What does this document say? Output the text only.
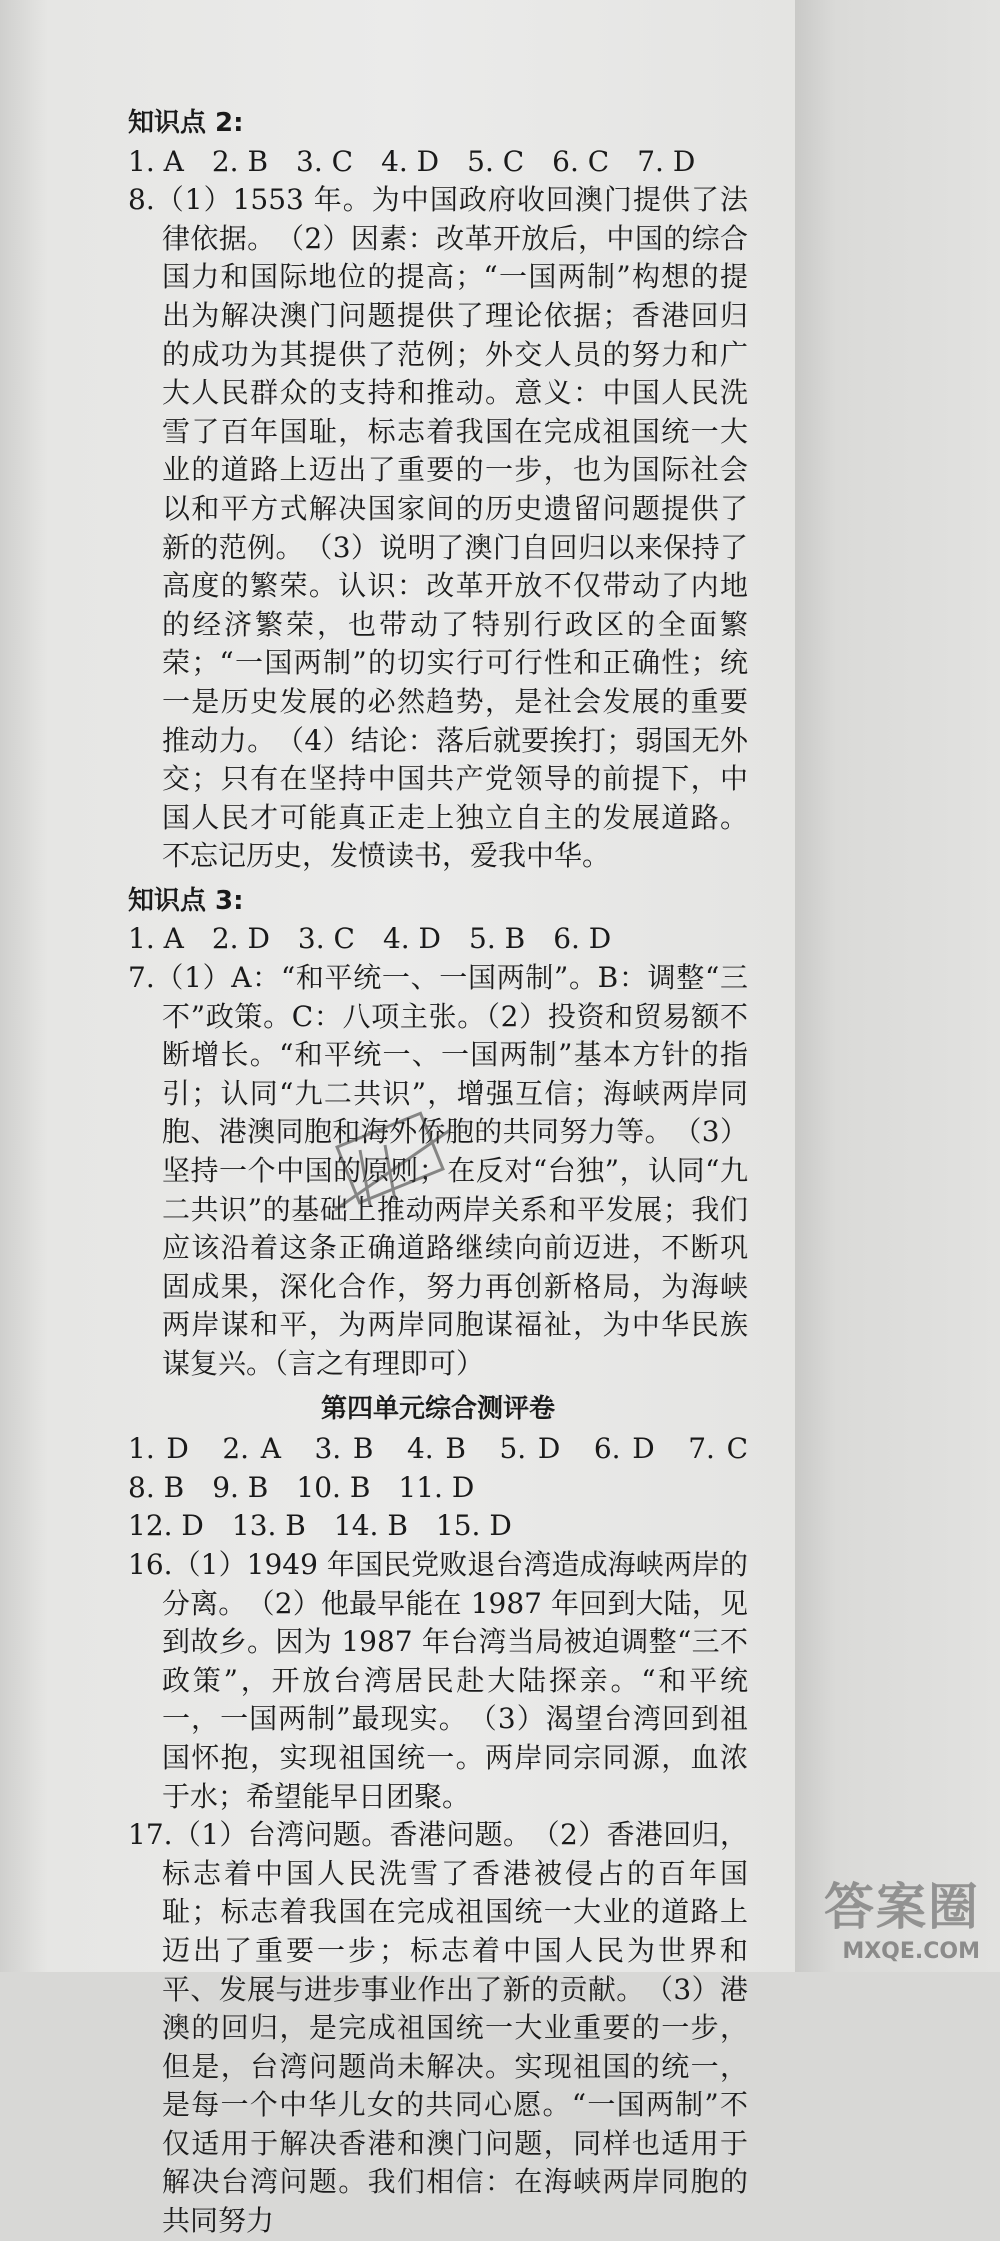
知识点 2:

1. A　2. B　3. C　4. D　5. C　6. C　7. D

8.（1）1553 年。为中国政府收回澳门提供了法律依据。　（2）因素：改革开放后，中国的综合国力和国际地位的提高；“一国两制”构想的提出为解决澳门问题提供了理论依据；香港回归的成功为其提供了范例；外交人员的努力和广大人民群众的支持和推动。意义：中国人民洗雪了百年国耻，标志着我国在完成祖国统一大业的道路上迈出了重要的一步，也为国际社会以和平方式解决国家间的历史遗留问题提供了新的范例。　（3）说明了澳门自回归以来保持了高度的繁荣。认识：改革开放不仅带动了内地的经济繁荣，也带动了特别行政区的全面繁荣；“一国两制”的切实行可行性和正确性；统一是历史发展的必然趋势，是社会发展的重要推动力。　（4）结论：落后就要挨打；弱国无外交；只有在坚持中国共产党领导的前提下，中国人民才可能真正走上独立自主的发展道路。不忘记历史，发愤读书，爱我中华。

知识点 3:

1. A　2. D　3. C　4. D　5. B　6. D

7.（1）A：“和平统一、一国两制”。B：调整“三不”政策。C：八项主张。（2）投资和贸易额不断增长。“和平统一、一国两制”基本方针的指引；认同“九二共识”，增强互信；海峡两岸同胞、港澳同胞和海外侨胞的共同努力等。　（3）坚持一个中国的原则；在反对“台独”，认同“九二共识”的基础上推动两岸关系和平发展；我们应该沿着这条正确道路继续向前迈进，不断巩固成果，深化合作，努力再创新格局，为海峡两岸谋和平，为两岸同胞谋福祉，为中华民族谋复兴。（言之有理即可）

第四单元综合测评卷

1. D　2. A　3. B　4. B　5. D　6. D　7. C　8. B　9. B　10. B　11. D

12. D　13. B　14. B　15. D

16.（1）1949 年国民党败退台湾造成海峡两岸的分离。　（2）他最早能在 1987 年回到大陆，见到故乡。因为 1987 年台湾当局被迫调整“三不政策”，开放台湾居民赴大陆探亲。“和平统一，一国两制”最现实。　（3）渴望台湾回到祖国怀抱，实现祖国统一。两岸同宗同源，血浓于水；希望能早日团聚。

17.（1）台湾问题。香港问题。　（2）香港回归，标志着中国人民洗雪了香港被侵占的百年国耻；标志着我国在完成祖国统一大业的道路上迈出了重要一步；标志着中国人民为世界和平、发展与进步事业作出了新的贡献。　（3）港澳的回归，是完成祖国统一大业重要的一步，但是，台湾问题尚未解决。实现祖国的统一，是每一个中华儿女的共同心愿。“一国两制”不仅适用于解决香港和澳门问题，同样也适用于解决台湾问题。我们相信：在海峡两岸同胞的共同努力

答案圈
MXQE.COM
